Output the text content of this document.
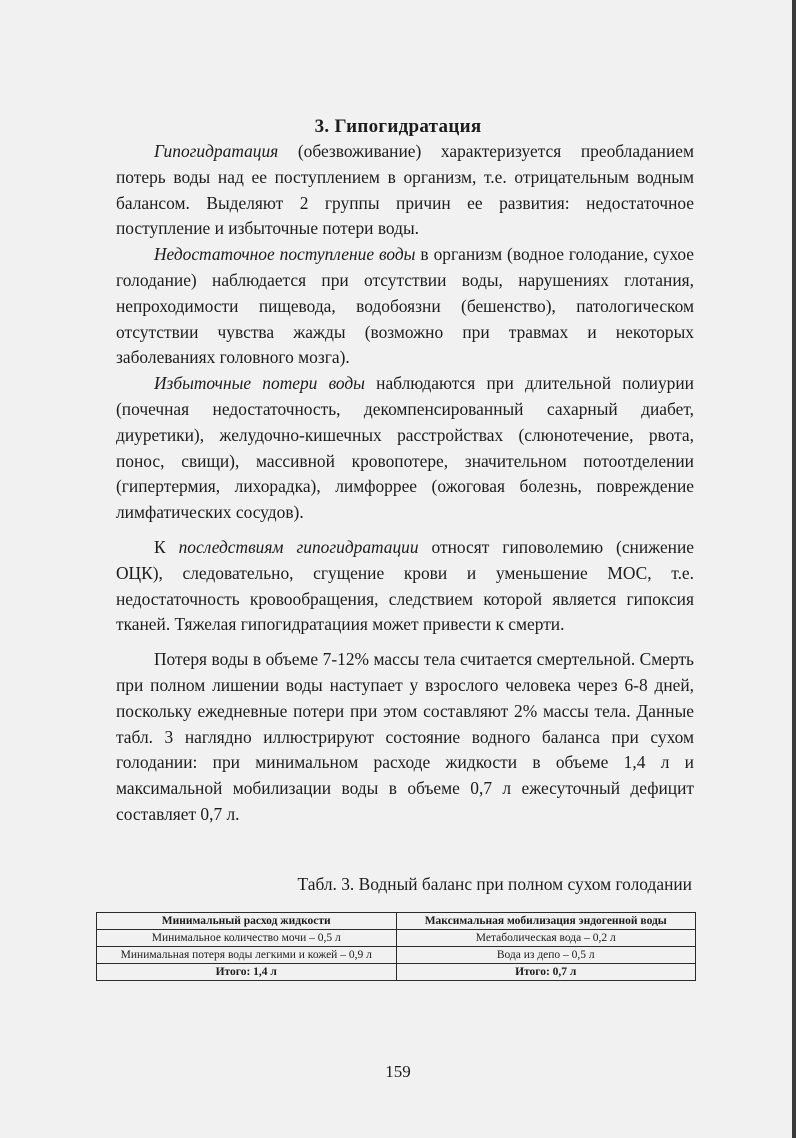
3. Гипогидратация

Гипогидратация (обезвоживание) характеризуется преобладанием потерь воды над ее поступлением в организм, т.е. отрицательным водным балансом. Выделяют 2 группы причин ее развития: недостаточное поступление и избыточные потери воды.

Недостаточное поступление воды в организм (водное голодание, сухое голодание) наблюдается при отсутствии воды, нарушениях глотания, непроходимости пищевода, водобоязни (бешенство), патологическом отсутствии чувства жажды (возможно при травмах и некоторых заболеваниях головного мозга).

Избыточные потери воды наблюдаются при длительной полиурии (почечная недостаточность, декомпенсированный сахарный диабет, диуретики), желудочно-кишечных расстройствах (слюнотечение, рвота, понос, свищи), массивной кровопотере, значительном потоотделении (гипертермия, лихорадка), лимфоррее (ожоговая болезнь, повреждение лимфатических сосудов).

К последствиям гипогидратации относят гиповолемию (снижение ОЦК), следовательно, сгущение крови и уменьшение МОС, т.е. недостаточность кровообращения, следствием которой является гипоксия тканей. Тяжелая гипогидратациия может привести к смерти.

Потеря воды в объеме 7-12% массы тела считается смертельной. Смерть при полном лишении воды наступает у взрослого человека через 6-8 дней, поскольку ежедневные потери при этом составляют 2% массы тела. Данные табл. 3 наглядно иллюстрируют состояние водного баланса при сухом голодании: при минимальном расходе жидкости в объеме 1,4 л и максимальной мобилизации воды в объеме 0,7 л ежесуточный дефицит составляет 0,7 л.

Табл. 3. Водный баланс при полном сухом голодании
Минимальный расход жидкости	Максимальная мобилизация эндогенной воды
Минимальное количество мочи – 0,5 л	Метаболическая вода – 0,2 л
Минимальная потеря воды легкими и кожей – 0,9 л	Вода из депо – 0,5 л
Итого: 1,4 л	Итого: 0,7 л
159
